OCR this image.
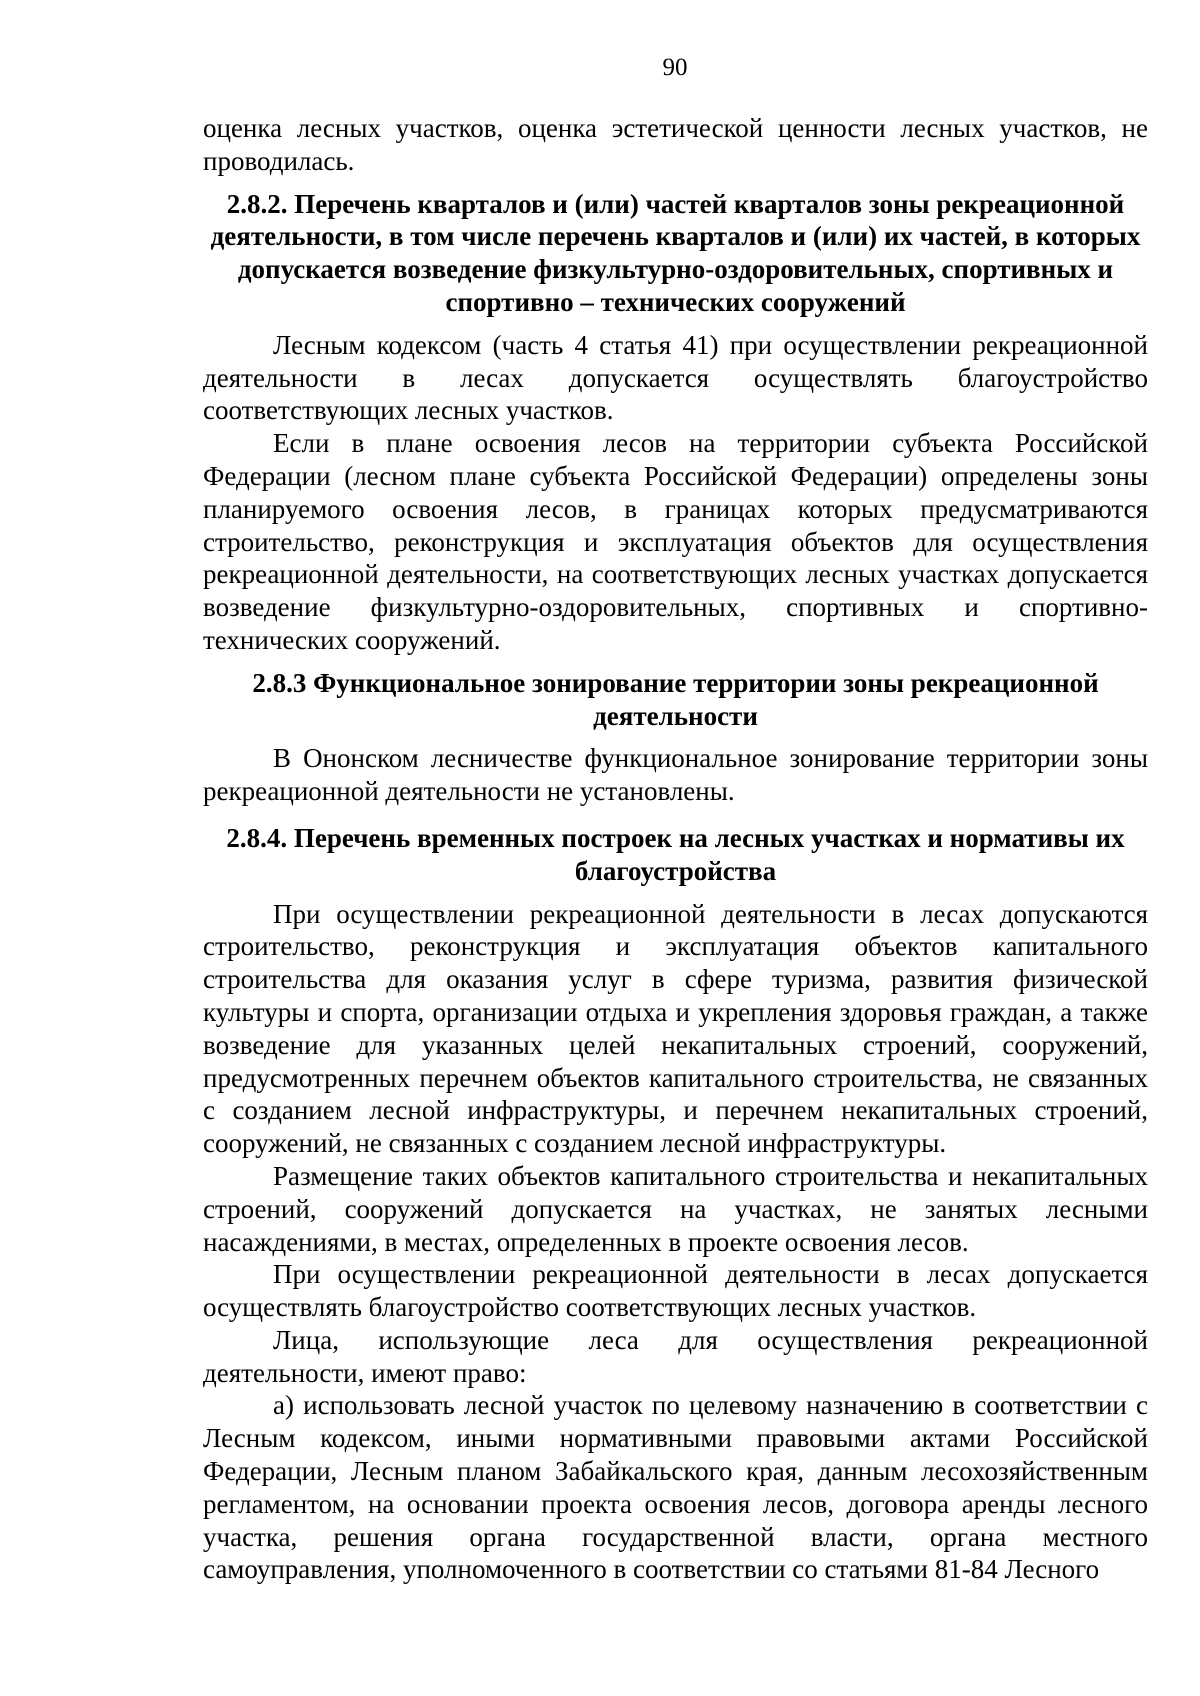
90

оценка лесных участков, оценка эстетической ценности лесных участков, не проводилась.

2.8.2. Перечень кварталов и (или) частей кварталов зоны рекреационной деятельности, в том числе перечень кварталов и (или) их частей, в которых допускается возведение физкультурно-оздоровительных, спортивных и спортивно – технических сооружений

Лесным кодексом (часть 4 статья 41) при осуществлении рекреационной деятельности в лесах допускается осуществлять благоустройство соответствующих лесных участков.

Если в плане освоения лесов на территории субъекта Российской Федерации (лесном плане субъекта Российской Федерации) определены зоны планируемого освоения лесов, в границах которых предусматриваются строительство, реконструкция и эксплуатация объектов для осуществления рекреационной деятельности, на соответствующих лесных участках допускается возведение физкультурно-оздоровительных, спортивных и спортивно-технических сооружений.

2.8.3 Функциональное зонирование территории зоны рекреационной деятельности

В Ононском лесничестве функциональное зонирование территории зоны рекреационной деятельности не установлены.

2.8.4. Перечень временных построек на лесных участках и нормативы их благоустройства

При осуществлении рекреационной деятельности в лесах допускаются строительство, реконструкция и эксплуатация объектов капитального строительства для оказания услуг в сфере туризма, развития физической культуры и спорта, организации отдыха и укрепления здоровья граждан, а также возведение для указанных целей некапитальных строений, сооружений, предусмотренных перечнем объектов капитального строительства, не связанных с созданием лесной инфраструктуры, и перечнем некапитальных строений, сооружений, не связанных с созданием лесной инфраструктуры.

Размещение таких объектов капитального строительства и некапитальных строений, сооружений допускается на участках, не занятых лесными насаждениями, в местах, определенных в проекте освоения лесов.

При осуществлении рекреационной деятельности в лесах допускается осуществлять благоустройство соответствующих лесных участков.

Лица, использующие леса для осуществления рекреационной деятельности, имеют право:

а) использовать лесной участок по целевому назначению в соответствии с Лесным кодексом, иными нормативными правовыми актами Российской Федерации, Лесным планом Забайкальского края, данным лесохозяйственным регламентом, на основании проекта освоения лесов, договора аренды лесного участка, решения органа государственной власти, органа местного самоуправления, уполномоченного в соответствии со статьями 81-84 Лесного
